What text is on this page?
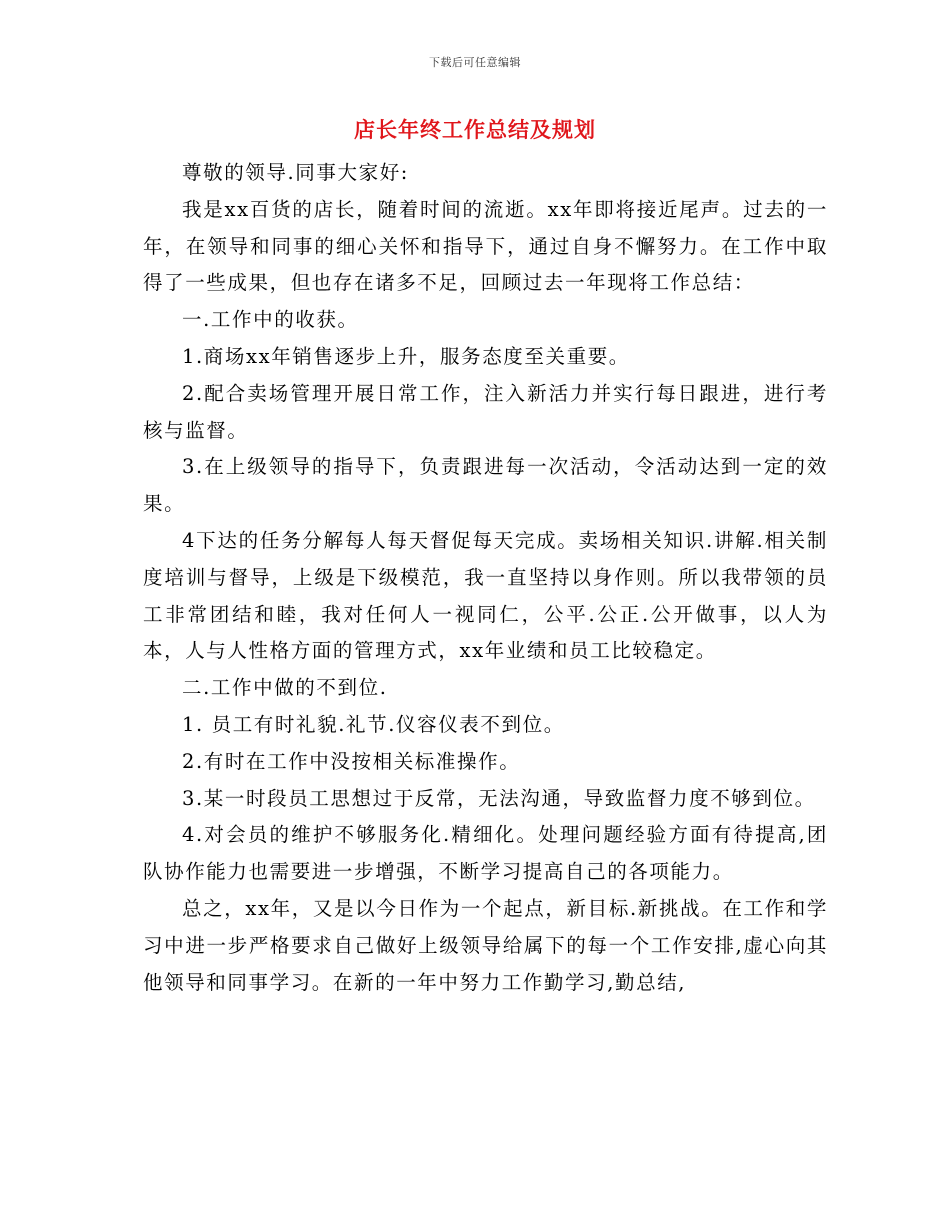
下载后可任意编辑
店长年终工作总结及规划

尊敬的领导.同事大家好:

我是xx百货的店长，随着时间的流逝。xx年即将接近尾声。过去的一年，在领导和同事的细心关怀和指导下，通过自身不懈努力。在工作中取得了一些成果，但也存在诸多不足，回顾过去一年现将工作总结：

一.工作中的收获。

1.商场xx年销售逐步上升，服务态度至关重要。

2.配合卖场管理开展日常工作，注入新活力并实行每日跟进，进行考核与监督。

3.在上级领导的指导下，负责跟进每一次活动，令活动达到一定的效果。

4下达的任务分解每人每天督促每天完成。卖场相关知识.讲解.相关制度培训与督导，上级是下级模范，我一直坚持以身作则。所以我带领的员工非常团结和睦，我对任何人一视同仁，公平.公正.公开做事，以人为本，人与人性格方面的管理方式，xx年业绩和员工比较稳定。

二.工作中做的不到位.

1. 员工有时礼貌.礼节.仪容仪表不到位。

2.有时在工作中没按相关标准操作。

3.某一时段员工思想过于反常，无法沟通，导致监督力度不够到位。

4.对会员的维护不够服务化.精细化。处理问题经验方面有待提高,团队协作能力也需要进一步增强，不断学习提高自己的各项能力。

总之，xx年，又是以今日作为一个起点，新目标.新挑战。在工作和学习中进一步严格要求自己做好上级领导给属下的每一个工作安排,虚心向其他领导和同事学习。在新的一年中努力工作勤学习,勤总结,
